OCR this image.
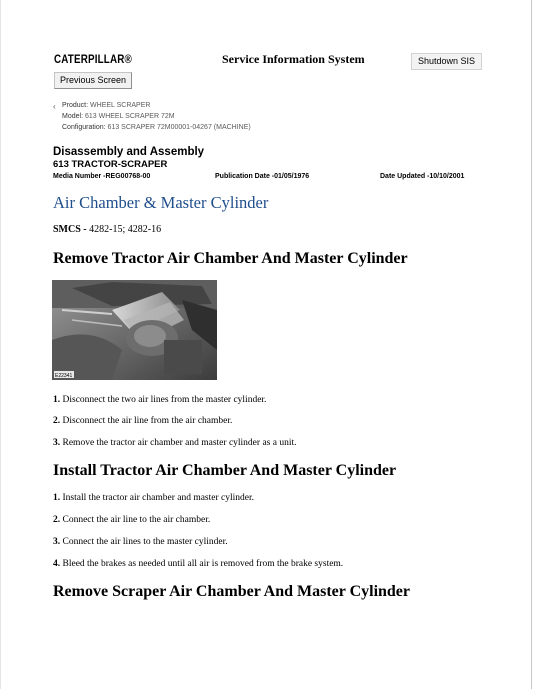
CATERPILLAR®	Service Information System	Shutdown SIS
Previous Screen
‹ Product: WHEEL SCRAPER
Model: 613 WHEEL SCRAPER 72M
Configuration: 613 SCRAPER 72M00001-04267 (MACHINE)
Disassembly and Assembly
613 TRACTOR-SCRAPER
Media Number -REG00768-00	Publication Date -01/05/1976	Date Updated -10/10/2001
Air Chamber & Master Cylinder
SMCS - 4282-15; 4282-16
Remove Tractor Air Chamber And Master Cylinder
E22341
1. Disconnect the two air lines from the master cylinder.
2. Disconnect the air line from the air chamber.
3. Remove the tractor air chamber and master cylinder as a unit.
Install Tractor Air Chamber And Master Cylinder
1. Install the tractor air chamber and master cylinder.
2. Connect the air line to the air chamber.
3. Connect the air lines to the master cylinder.
4. Bleed the brakes as needed until all air is removed from the brake system.
Remove Scraper Air Chamber And Master Cylinder
